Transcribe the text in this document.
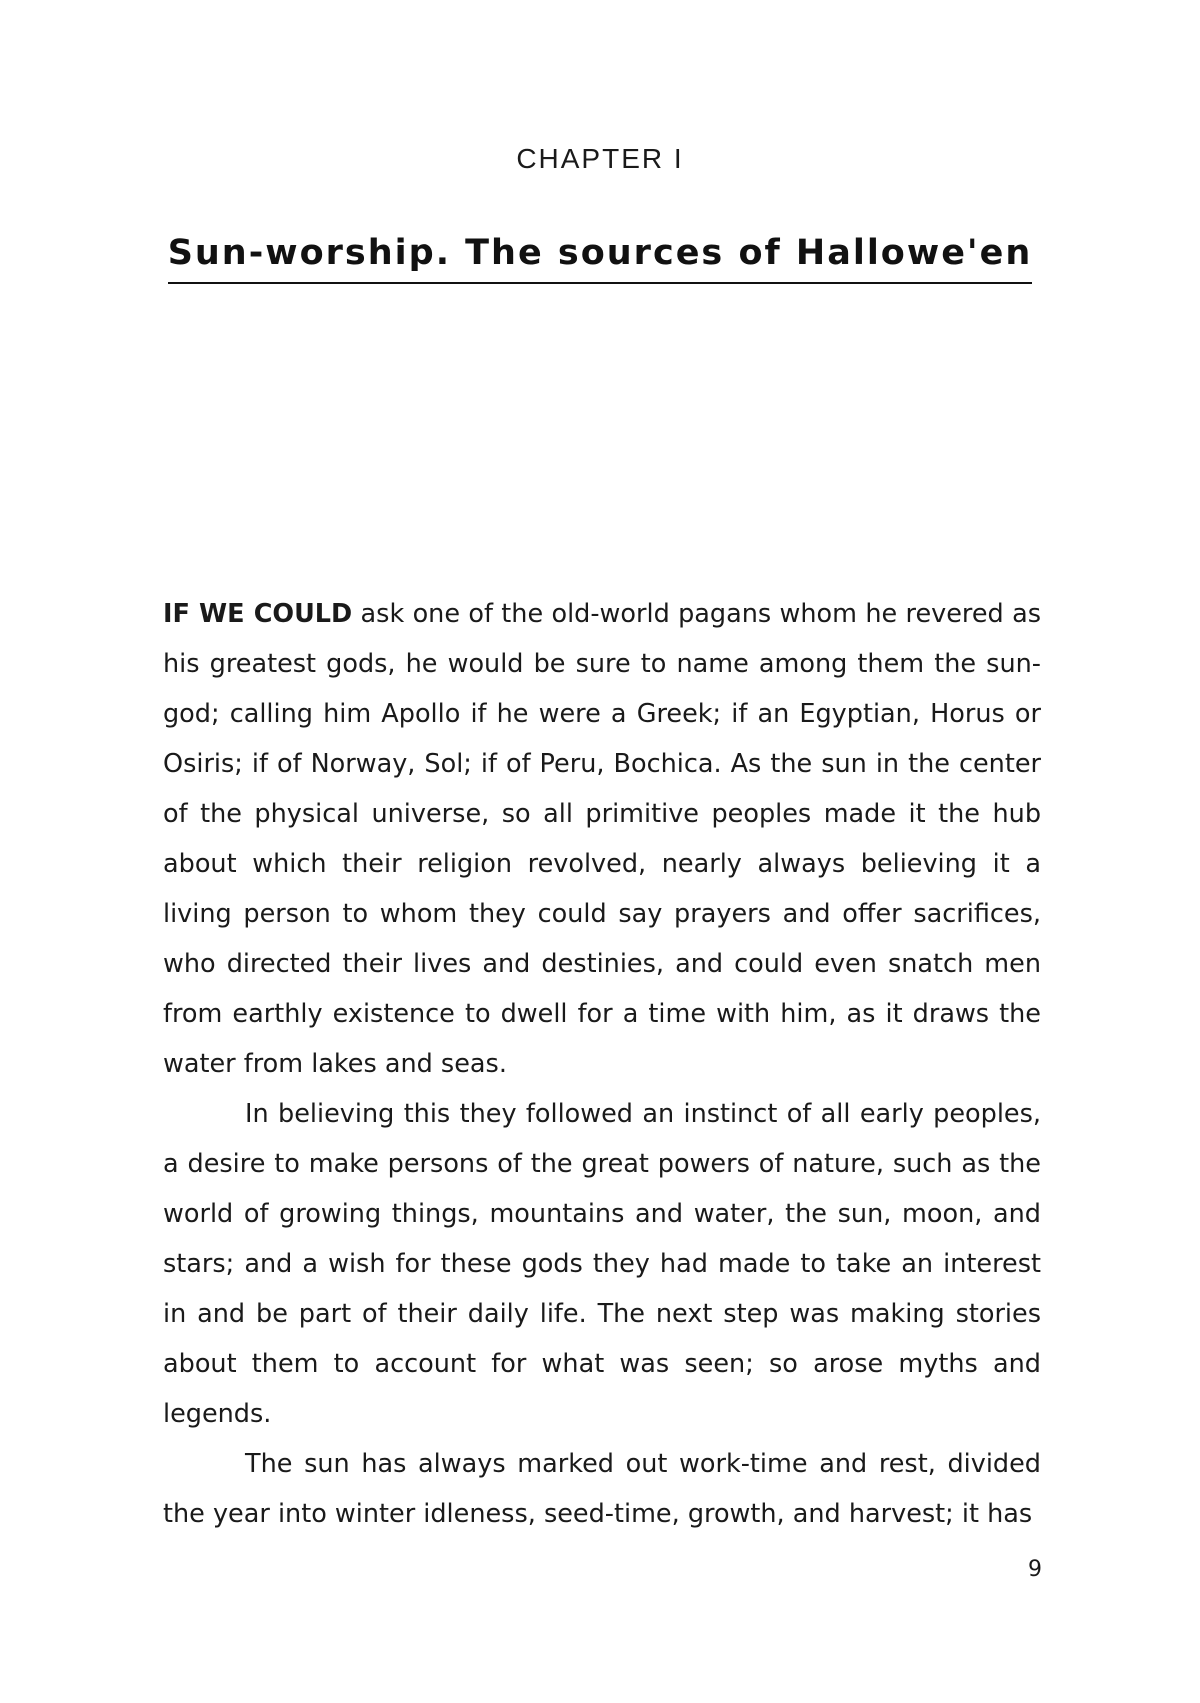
CHAPTER I
Sun-worship. The sources of Hallowe'en

IF WE COULD ask one of the old-world pagans whom he revered as his greatest gods, he would be sure to name among them the sun-god; calling him Apollo if he were a Greek; if an Egyptian, Horus or Osiris; if of Norway, Sol; if of Peru, Bochica. As the sun in the center of the physical universe, so all primitive peoples made it the hub about which their religion revolved, nearly always believing it a living person to whom they could say prayers and offer sacrifices, who directed their lives and destinies, and could even snatch men from earthly existence to dwell for a time with him, as it draws the water from lakes and seas.

In believing this they followed an instinct of all early peoples, a desire to make persons of the great powers of nature, such as the world of growing things, mountains and water, the sun, moon, and stars; and a wish for these gods they had made to take an interest in and be part of their daily life. The next step was making stories about them to account for what was seen; so arose myths and legends.

The sun has always marked out work-time and rest, divided the year into winter idleness, seed-time, growth, and harvest; it has

9
